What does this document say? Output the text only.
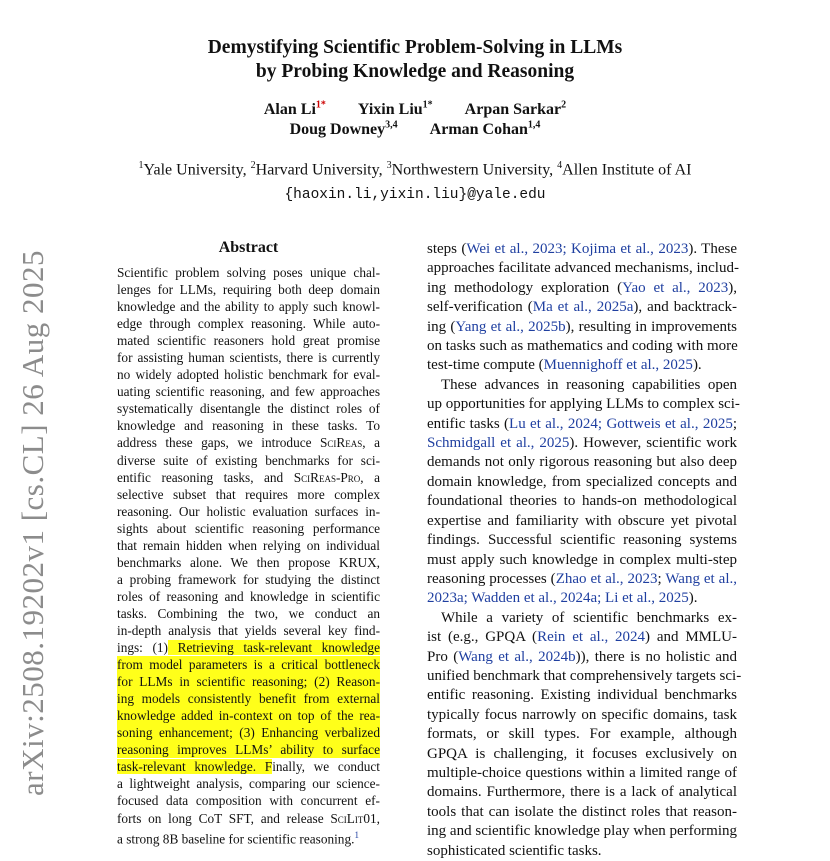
arXiv:2508.19202v1 [cs.CL] 26 Aug 2025
Demystifying Scientific Problem-Solving in LLMs
by Probing Knowledge and Reasoning
Alan $Li^{1*}$ Yixin Liu$^{1*}$ Arpan Sarkar$^2$
Doug Downey$^{3,4}$ Arman Cohan$^{1,4}$
$^1$Yale University, $^2$Harvard University, $^3$Northwestern University, $^4$Allen Institute of AI
{haoxin.li,yixin.liu}@yale.edu
Abstract
Scientific problem solving poses unique chal-
lenges for LLMs, requiring both deep domain
knowledge and the ability to apply such knowl-
edge through complex reasoning. While auto-
mated scientific reasoners hold great promise
for assisting human scientists, there is currently
no widely adopted holistic benchmark for eval-
uating scientific reasoning, and few approaches
systematically disentangle the distinct roles of
knowledge and reasoning in these tasks. To
address these gaps, we introduce SciReas, a
diverse suite of existing benchmarks for sci-
entific reasoning tasks, and SciReas-Pro, a
selective subset that requires more complex
reasoning. Our holistic evaluation surfaces in-
sights about scientific reasoning performance
that remain hidden when relying on individual
benchmarks alone. We then propose KRUX,
a probing framework for studying the distinct
roles of reasoning and knowledge in scientific
tasks. Combining the two, we conduct an
in-depth analysis that yields several key find-
ings: (1) Retrieving task-relevant knowledge
from model parameters is a critical bottleneck
for LLMs in scientific reasoning; (2) Reason-
ing models consistently benefit from external
knowledge added in-context on top of the rea-
soning enhancement; (3) Enhancing verbalized
reasoning improves LLMs’ ability to surface
task-relevant knowledge. Finally, we conduct
a lightweight analysis, comparing our science-
focused data composition with concurrent ef-
forts on long CoT SFT, and release SciLit01,
a strong 8B baseline for scientific reasoning.$^1$
steps (Wei et al., 2023; Kojima et al., 2023). These
approaches facilitate advanced mechanisms, includ-
ing methodology exploration (Yao et al., 2023),
self-verification (Ma et al., 2025a), and backtrack-
ing (Yang et al., 2025b), resulting in improvements
on tasks such as mathematics and coding with more
test-time compute (Muennighoff et al., 2025).
These advances in reasoning capabilities open
up opportunities for applying LLMs to complex sci-
entific tasks (Lu et al., 2024; Gottweis et al., 2025;
Schmidgall et al., 2025). However, scientific work
demands not only rigorous reasoning but also deep
domain knowledge, from specialized concepts and
foundational theories to hands-on methodological
expertise and familiarity with obscure yet pivotal
findings. Successful scientific reasoning systems
must apply such knowledge in complex multi-step
reasoning processes (Zhao et al., 2023; Wang et al.,
2023a; Wadden et al., 2024a; Li et al., 2025).
While a variety of scientific benchmarks ex-
ist (e.g., GPQA (Rein et al., 2024) and MMLU-
Pro (Wang et al., 2024b)), there is no holistic and
unified benchmark that comprehensively targets sci-
entific reasoning. Existing individual benchmarks
typically focus narrowly on specific domains, task
formats, or skill types. For example, although
GPQA is challenging, it focuses exclusively on
multiple-choice questions within a limited range of
domains. Furthermore, there is a lack of analytical
tools that can isolate the distinct roles that reason-
ing and scientific knowledge play when performing
sophisticated scientific tasks.
